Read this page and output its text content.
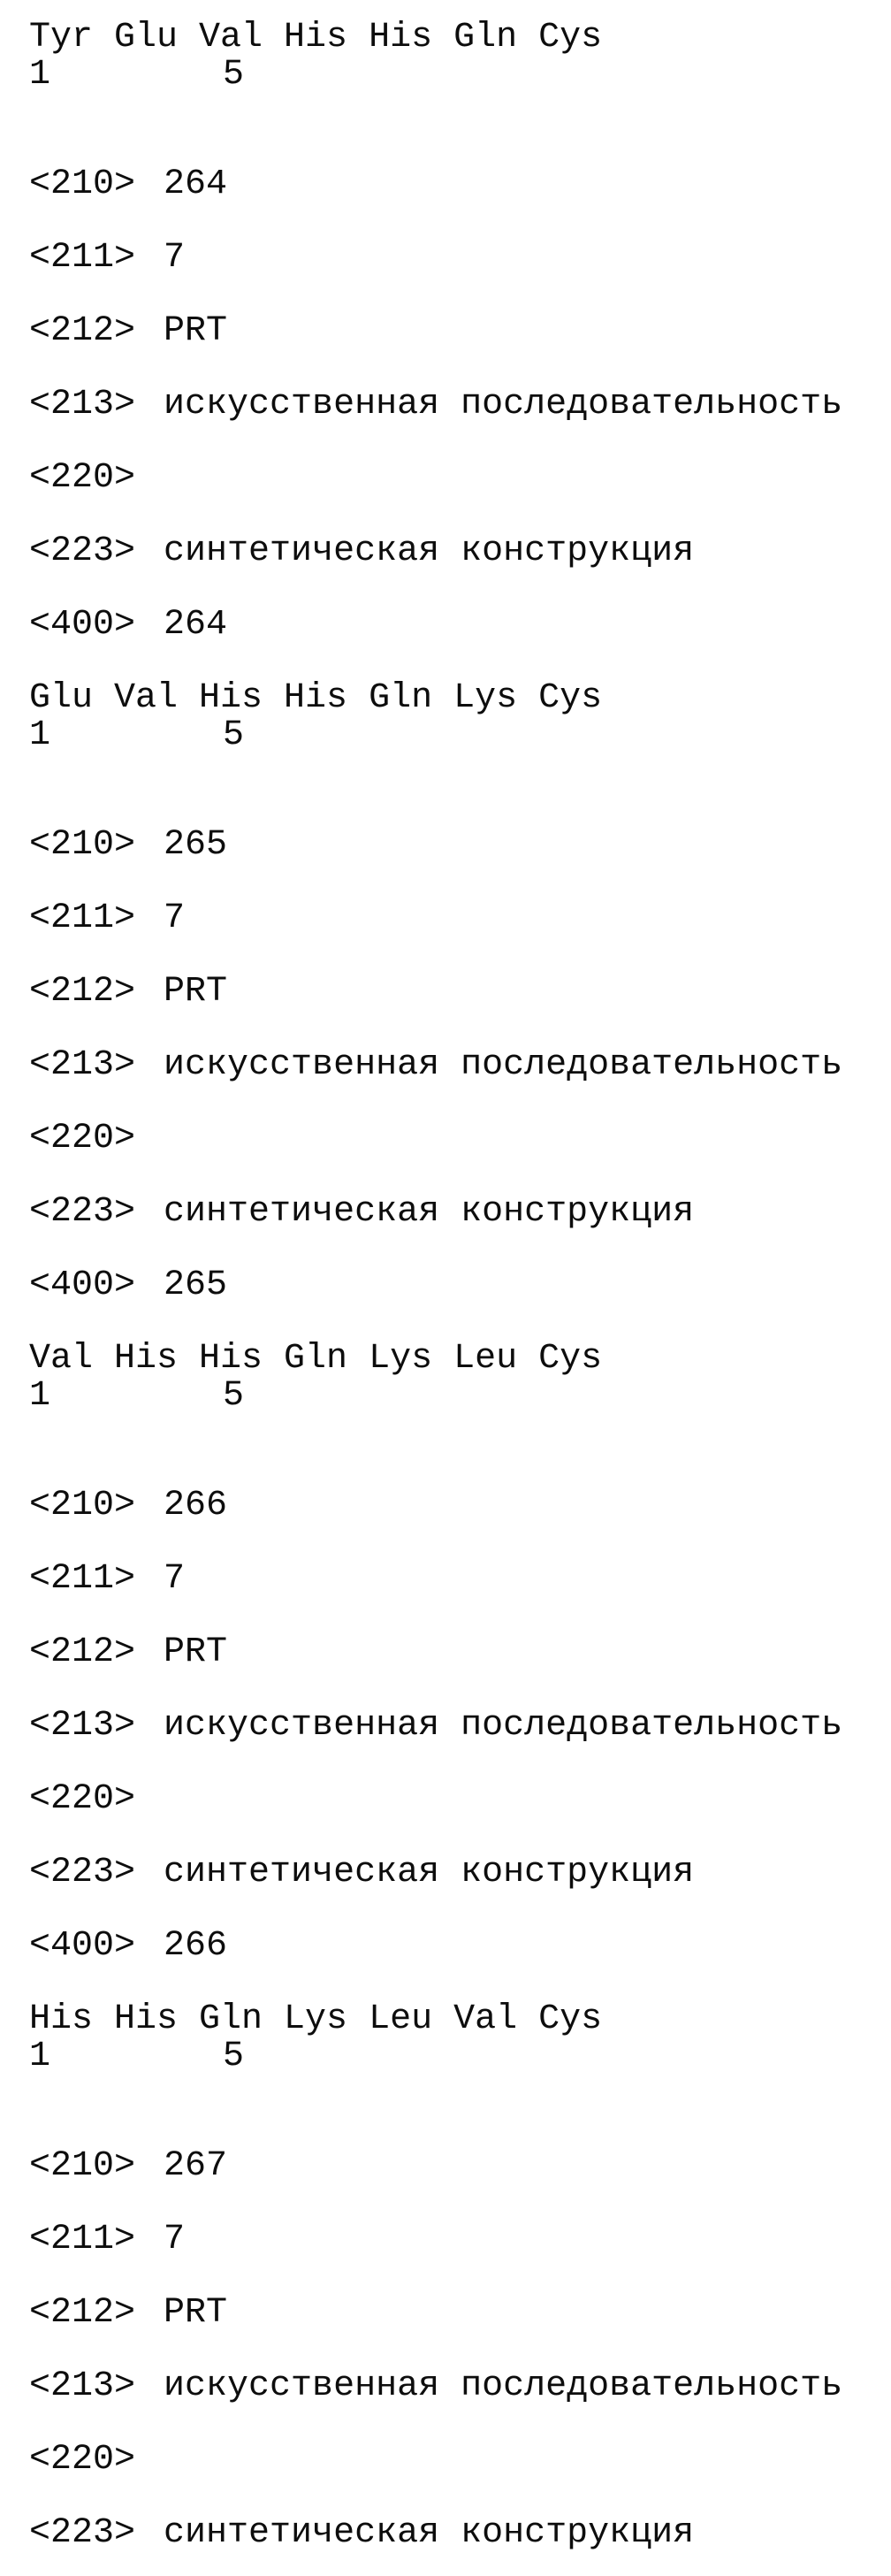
Tyr Glu Val His His Gln Cys
1	5
<210> 264
<211> 7
<212> PRT
<213> искусственная последовательность
<220>
<223> синтетическая конструкция
<400> 264
Glu Val His His Gln Lys Cys
1	5
<210> 265
<211> 7
<212> PRT
<213> искусственная последовательность
<220>
<223> синтетическая конструкция
<400> 265
Val His His Gln Lys Leu Cys
1	5
<210> 266
<211> 7
<212> PRT
<213> искусственная последовательность
<220>
<223> синтетическая конструкция
<400> 266
His His Gln Lys Leu Val Cys
1	5
<210> 267
<211> 7
<212> PRT
<213> искусственная последовательность
<220>
<223> синтетическая конструкция
